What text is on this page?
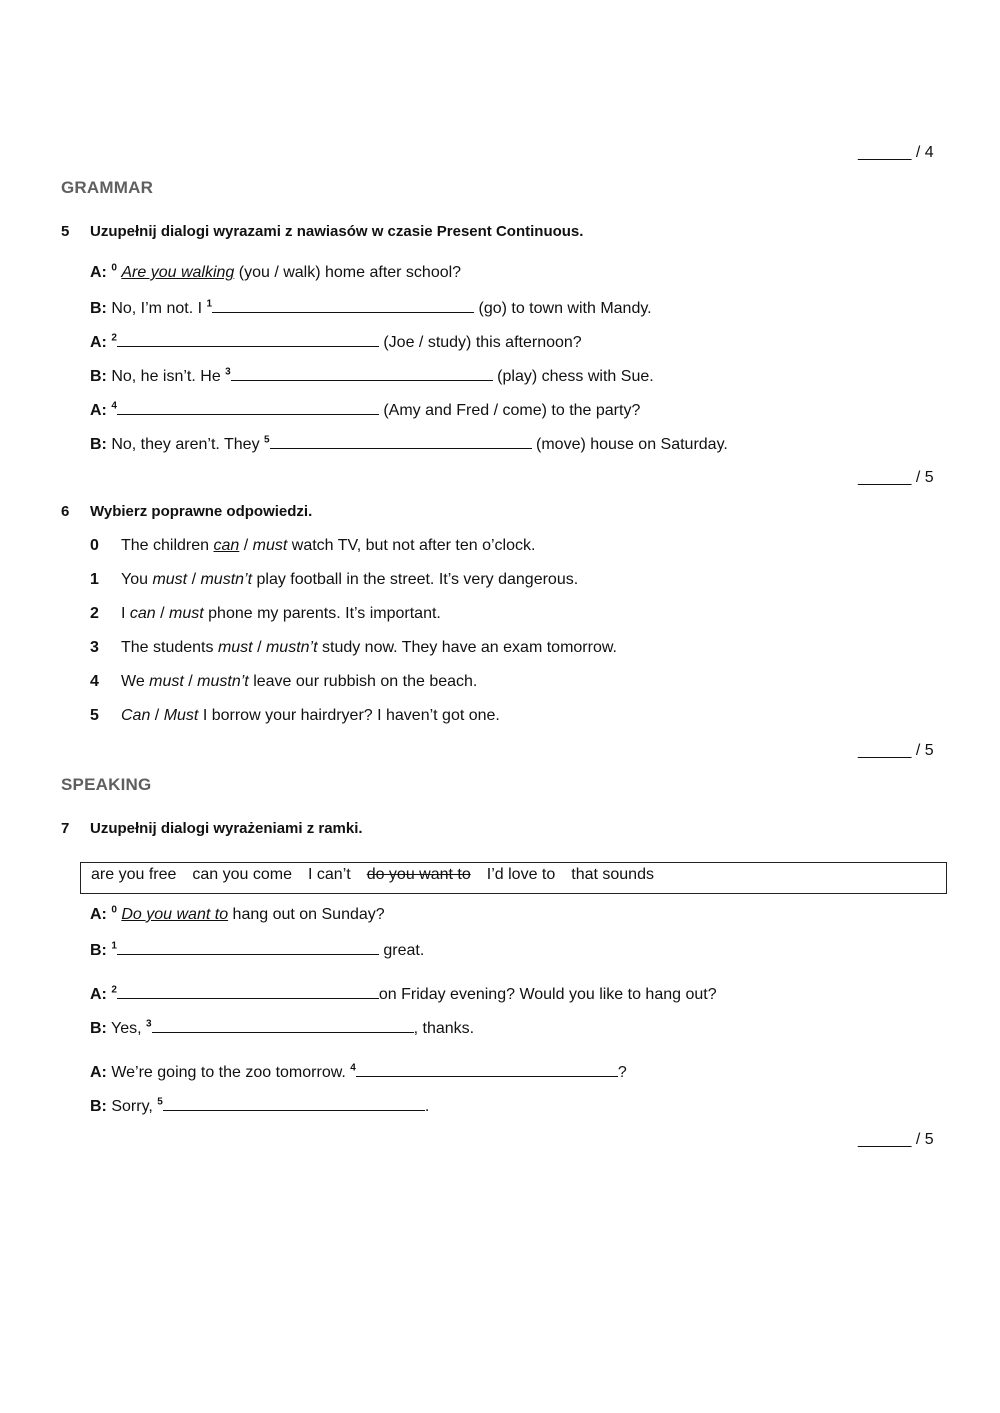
______ / 4
GRAMMAR
5 Uzupełnij dialogi wyrazami z nawiasów w czasie Present Continuous.
A: $^0$ Are you walking (you / walk) home after school?
B: No, I’m not. I $^1$	(go) to town with Mandy.
A: $^2$	(Joe / study) this afternoon?
B: No, he isn’t. He $^3$	(play) chess with Sue.
A: $^4$	(Amy and Fred / come) to the party?
B: No, they aren’t. They $^5$	(move) house on Saturday.
______ / 5
6 Wybierz poprawne odpowiedzi.
0 The children can / must watch TV, but not after ten o’clock.
1 You must / mustn’t play football in the street. It’s very dangerous.
2 I can / must phone my parents. It’s important.
3 The students must / mustn’t study now. They have an exam tomorrow.
4 We must / mustn’t leave our rubbish on the beach.
5 Can / Must I borrow your hairdryer? I haven’t got one.
______ / 5
SPEAKING
7 Uzupełnij dialogi wyrażeniami z ramki.
are you free can you come I can’t do you want to I’d love to that sounds
A: $^0$ Do you want to hang out on Sunday?
B: $^1$	great.
A: $^2$	on Friday evening? Would you like to hang out?
B: Yes, $^3$	, thanks.
A: We’re going to the zoo tomorrow. $^4$	?
B: Sorry, $^5$	.
______ / 5
